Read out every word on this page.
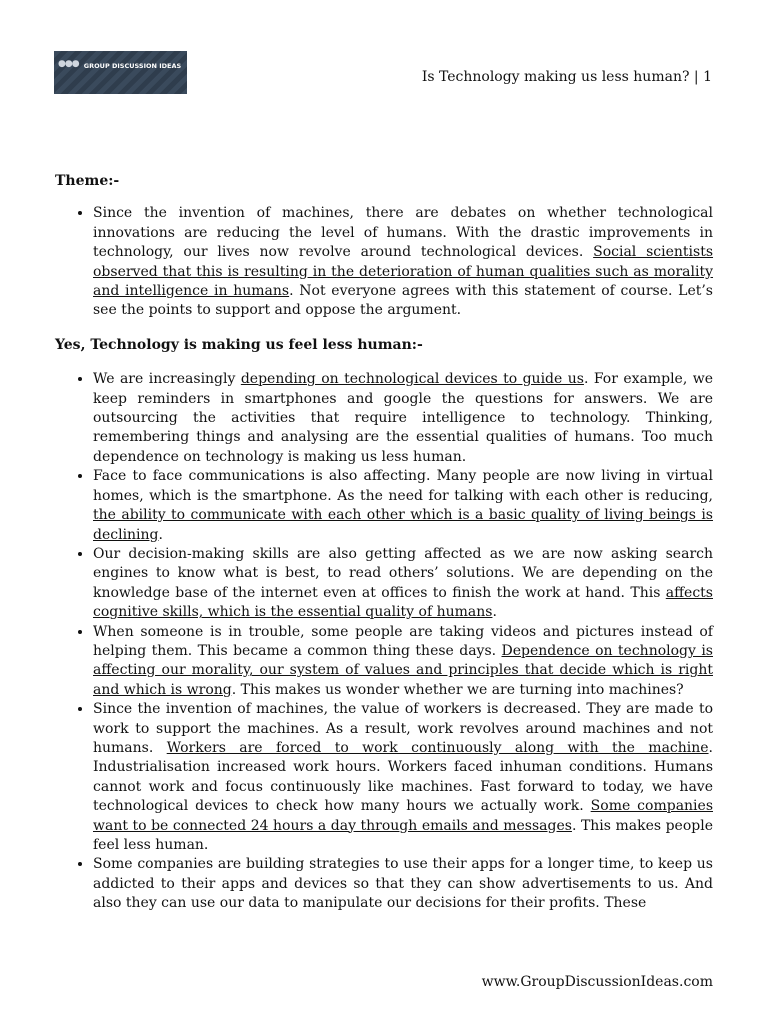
●●● GROUP DISCUSSION IDEAS
Is Technology making us less human? | 1

Theme:-

• Since the invention of machines, there are debates on whether technological innovations are reducing the level of humans. With the drastic improvements in technology, our lives now revolve around technological devices. Social scientists observed that this is resulting in the deterioration of human qualities such as morality and intelligence in humans. Not everyone agrees with this statement of course. Let’s see the points to support and oppose the argument.

Yes, Technology is making us feel less human:-

• We are increasingly depending on technological devices to guide us. For example, we keep reminders in smartphones and google the questions for answers. We are outsourcing the activities that require intelligence to technology. Thinking, remembering things and analysing are the essential qualities of humans. Too much dependence on technology is making us less human.
• Face to face communications is also affecting. Many people are now living in virtual homes, which is the smartphone. As the need for talking with each other is reducing, the ability to communicate with each other which is a basic quality of living beings is declining.
• Our decision-making skills are also getting affected as we are now asking search engines to know what is best, to read others’ solutions. We are depending on the knowledge base of the internet even at offices to finish the work at hand. This affects cognitive skills, which is the essential quality of humans.
• When someone is in trouble, some people are taking videos and pictures instead of helping them. This became a common thing these days. Dependence on technology is affecting our morality, our system of values and principles that decide which is right and which is wrong. This makes us wonder whether we are turning into machines?
• Since the invention of machines, the value of workers is decreased. They are made to work to support the machines. As a result, work revolves around machines and not humans. Workers are forced to work continuously along with the machine. Industrialisation increased work hours. Workers faced inhuman conditions. Humans cannot work and focus continuously like machines. Fast forward to today, we have technological devices to check how many hours we actually work. Some companies want to be connected 24 hours a day through emails and messages. This makes people feel less human.
• Some companies are building strategies to use their apps for a longer time, to keep us addicted to their apps and devices so that they can show advertisements to us. And also they can use our data to manipulate our decisions for their profits. These
www.GroupDiscussionIdeas.com
